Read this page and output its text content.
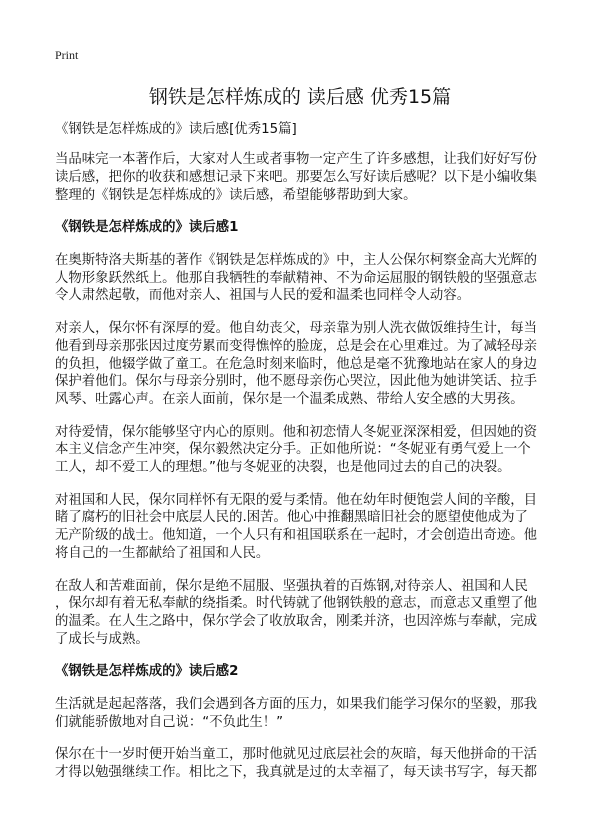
Print
钢铁是怎样炼成的 读后感 优秀15篇
《钢铁是怎样炼成的》读后感[优秀15篇]
当品味完一本著作后，大家对人生或者事物一定产生了许多感想，让我们好好写份
读后感，把你的收获和感想记录下来吧。那要怎么写好读后感呢？以下是小编收集
整理的《钢铁是怎样炼成的》读后感，希望能够帮助到大家。
《钢铁是怎样炼成的》读后感1
在奥斯特洛夫斯基的著作《钢铁是怎样炼成的》中，主人公保尔柯察金高大光辉的
人物形象跃然纸上。他那自我牺牲的奉献精神、不为命运屈服的钢铁般的坚强意志
令人肃然起敬，而他对亲人、祖国与人民的爱和温柔也同样令人动容。
对亲人，保尔怀有深厚的爱。他自幼丧父，母亲靠为别人洗衣做饭维持生计，每当
他看到母亲那张因过度劳累而变得憔悴的脸庞，总是会在心里难过。为了减轻母亲
的负担，他辍学做了童工。在危急时刻来临时，他总是毫不犹豫地站在家人的身边
保护着他们。保尔与母亲分别时，他不愿母亲伤心哭泣，因此他为她讲笑话、拉手
风琴、吐露心声。在亲人面前，保尔是一个温柔成熟、带给人安全感的大男孩。
对待爱情，保尔能够坚守内心的原则。他和初恋情人冬妮亚深深相爱，但因她的资
本主义信念产生冲突，保尔毅然决定分手。正如他所说：“冬妮亚有勇气爱上一个
工人，却不爱工人的理想。”他与冬妮亚的决裂，也是他同过去的自己的决裂。
对祖国和人民，保尔同样怀有无限的爱与柔情。他在幼年时便饱尝人间的辛酸，目
睹了腐朽的旧社会中底层人民的.困苦。他心中推翻黑暗旧社会的愿望使他成为了
无产阶级的战士。他知道，一个人只有和祖国联系在一起时，才会创造出奇迹。他
将自己的一生都献给了祖国和人民。
在敌人和苦难面前，保尔是绝不屈服、坚强执着的百炼钢,对待亲人、祖国和人民
，保尔却有着无私奉献的绕指柔。时代铸就了他钢铁般的意志，而意志又重塑了他
的温柔。在人生之路中，保尔学会了收放取舍，刚柔并济，也因淬炼与奉献，完成
了成长与成熟。
《钢铁是怎样炼成的》读后感2
生活就是起起落落，我们会遇到各方面的压力，如果我们能学习保尔的坚毅，那我
们就能骄傲地对自己说：“不负此生！”
保尔在十一岁时便开始当童工，那时他就见过底层社会的灰暗，每天他拼命的干活
才得以勉强继续工作。相比之下，我真就是过的太幸福了，每天读书写字，每天都
